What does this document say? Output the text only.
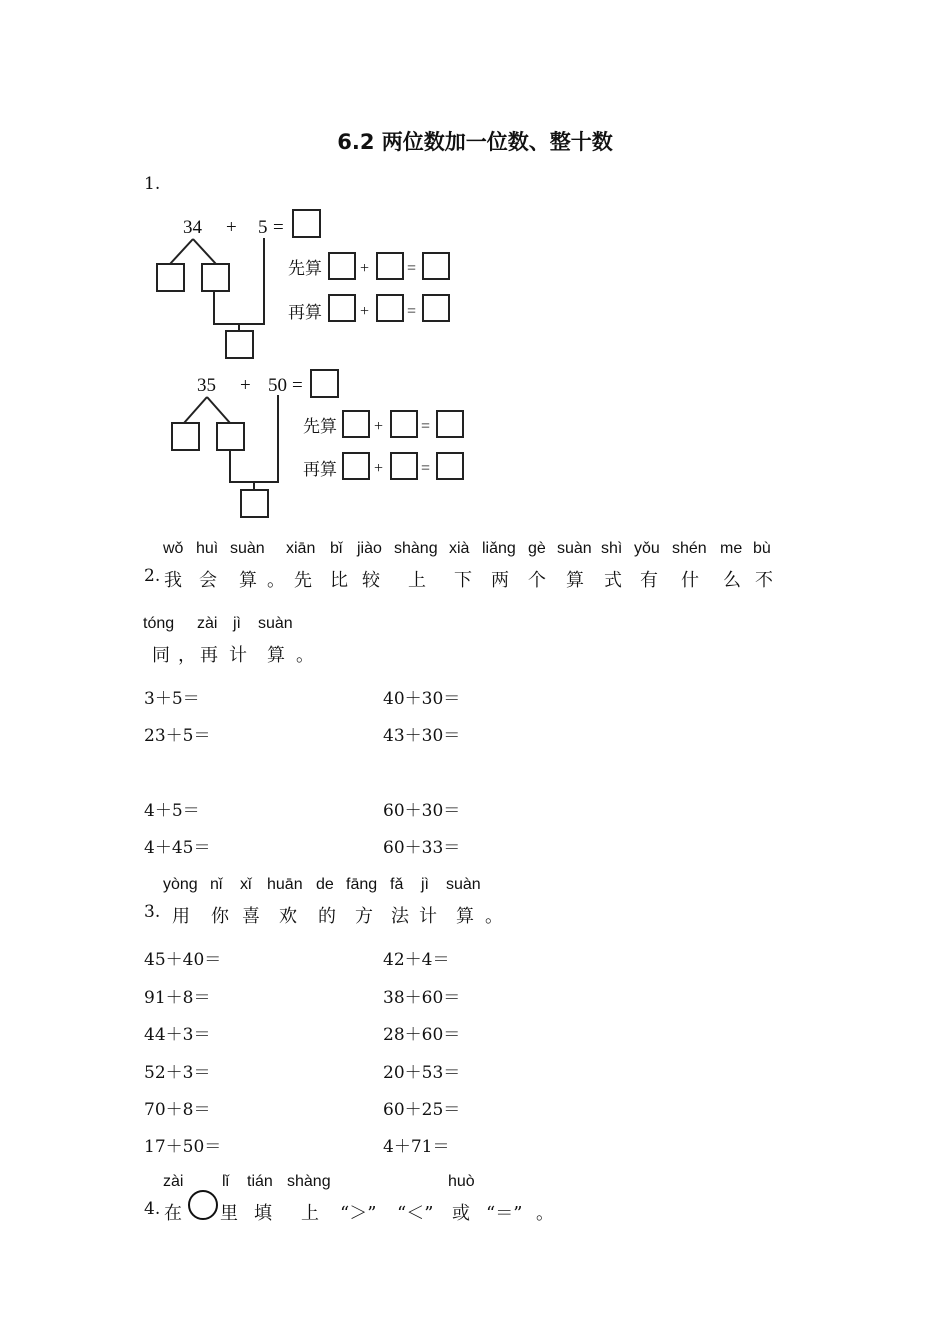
6.2 两位数加一位数、整十数
1.
34 + 5 =
先算 + =
再算 + =
35 + 50 =
先算 + =
再算 + =
wǒ huì suàn xiān bǐ jiào shàng xià liǎng gè suàn shì yǒu shén me bù
2. 我 会 算 。 先 比 较 上 下 两 个 算 式 有 什 么 不
tóng zài jì suàn
同 ， 再 计 算 。
3＋5＝	40＋30＝
23＋5＝	43＋30＝
4＋5＝	60＋30＝
4＋45＝	60＋33＝
yòng nǐ xǐ huān de fāng fǎ jì suàn
3. 用 你 喜 欢 的 方 法 计 算 。
45＋40＝	42＋4＝
91＋8＝	38＋60＝
44＋3＝	28＋60＝
52＋3＝	20＋53＝
70＋8＝	60＋25＝
17＋50＝	4＋71＝
zài lǐ tián shàng	huò
4. 在 里 填 上 “＞” “＜” 或 “＝” 。
